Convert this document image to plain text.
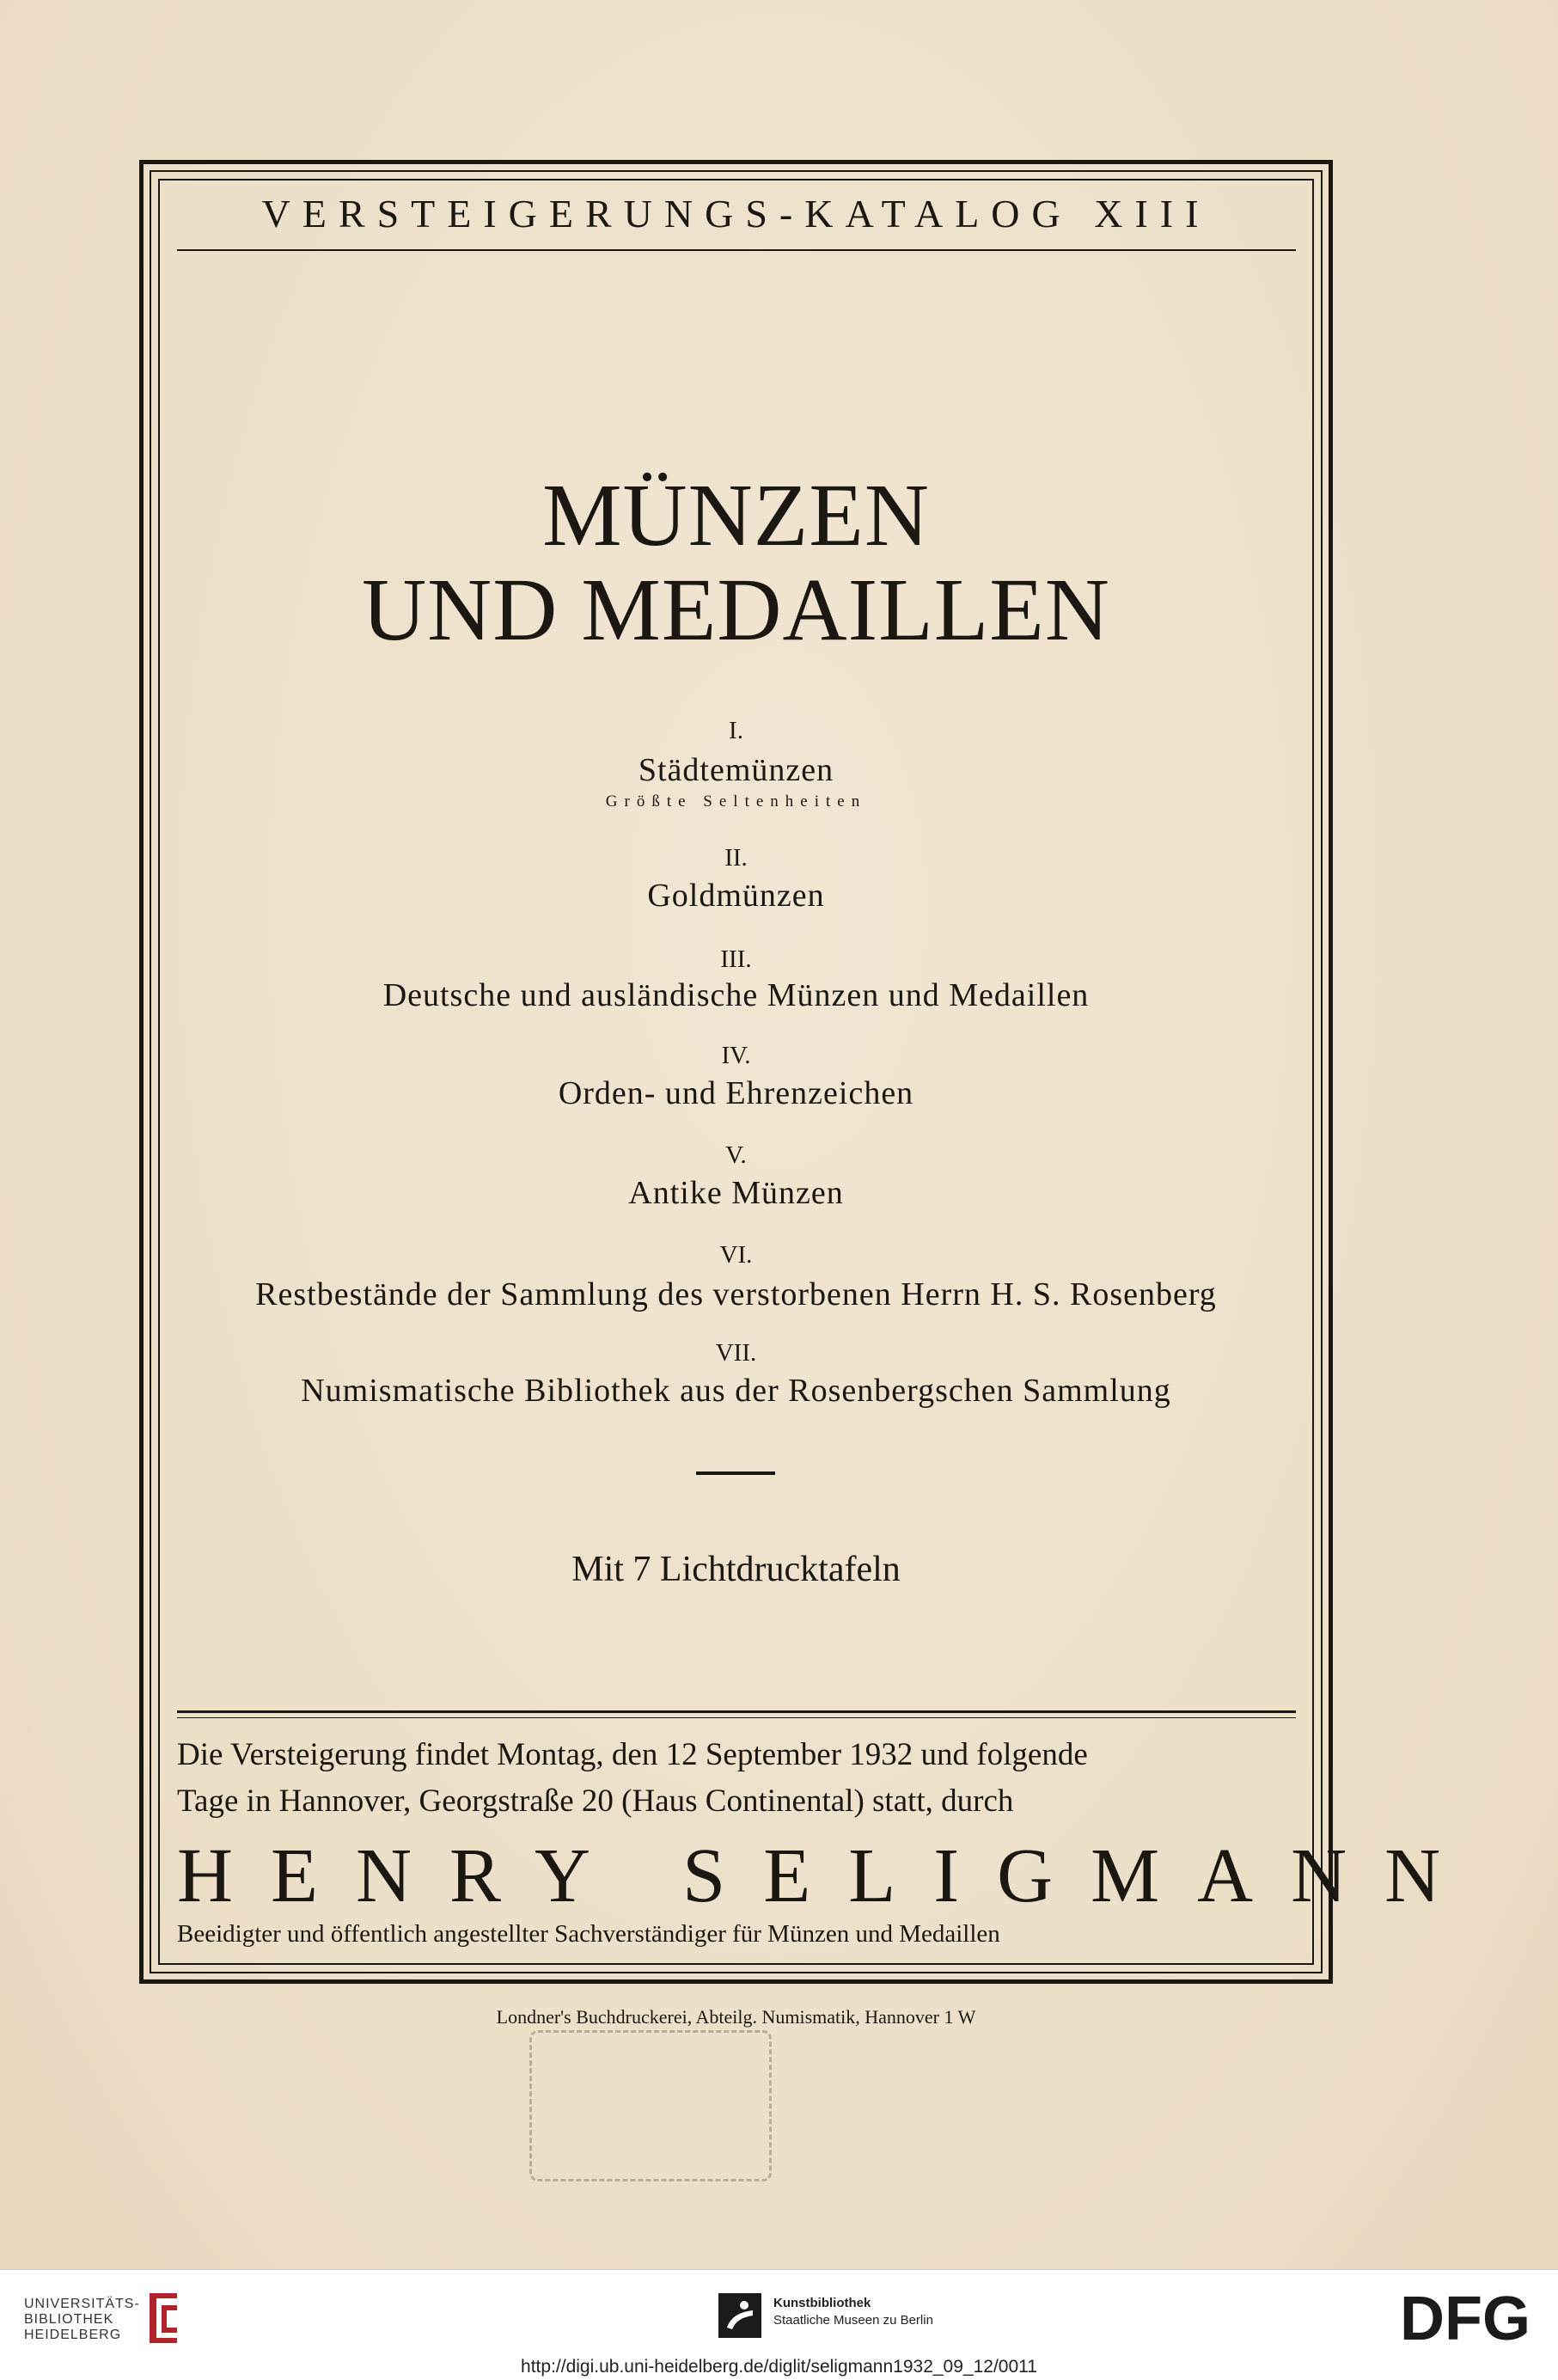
VERSTEIGERUNGS-KATALOG XIII
MÜNZEN
UND MEDAILLEN
I.
Städtemünzen
Größte Seltenheiten
II.
Goldmünzen
III.
Deutsche und ausländische Münzen und Medaillen
IV.
Orden- und Ehrenzeichen
V.
Antike Münzen
VI.
Restbestände der Sammlung des verstorbenen Herrn H. S. Rosenberg
VII.
Numismatische Bibliothek aus der Rosenbergschen Sammlung
Mit 7 Lichtdrucktafeln
Die Versteigerung findet Montag, den 12 September 1932 und folgende
Tage in Hannover, Georgstraße 20 (Haus Continental) statt, durch
HENRY SELIGMANN
Beeidigter und öffentlich angestellter Sachverständiger für Münzen und Medaillen
Londner's Buchdruckerei, Abteilg. Numismatik, Hannover 1 W
UNIVERSITÄTS-
BIBLIOTHEK
HEIDELBERG
Kunstbibliothek
Staatliche Museen zu Berlin	DFG
http://digi.ub.uni-heidelberg.de/diglit/seligmann1932_09_12/0011
